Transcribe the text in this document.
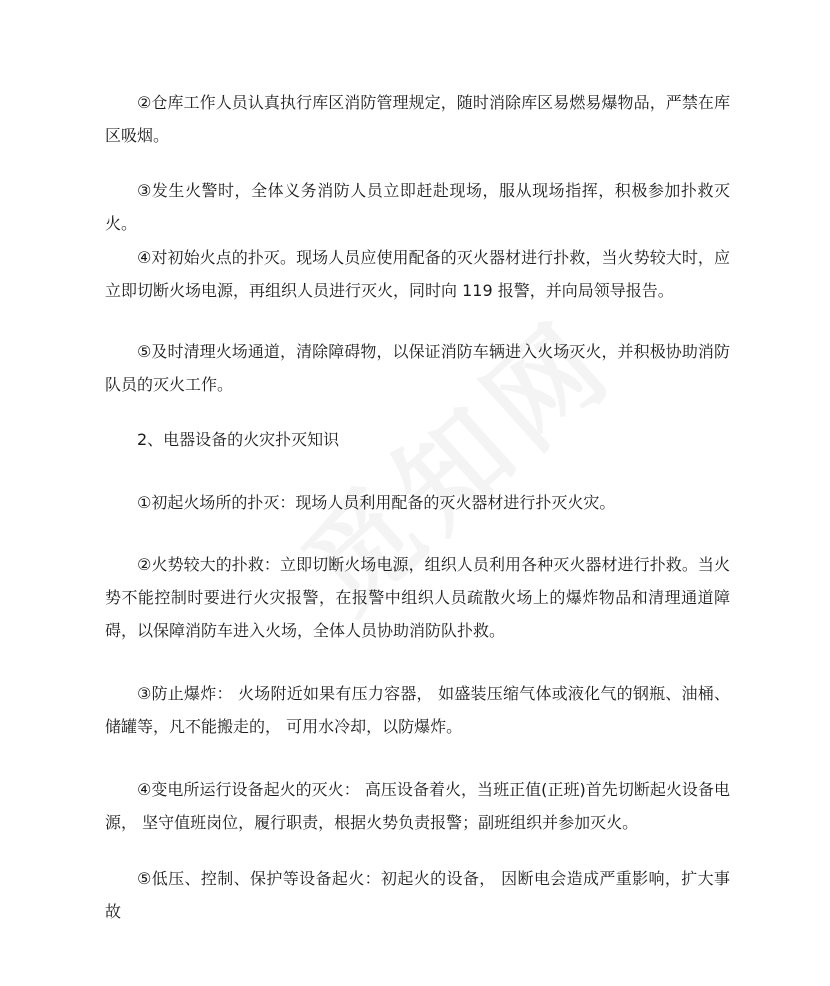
②仓库工作人员认真执行库区消防管理规定，随时消除库区易燃易爆物品，严禁在库区吸烟。

③发生火警时，全体义务消防人员立即赶赴现场，服从现场指挥，积极参加扑救灭火。

④对初始火点的扑灭。现场人员应使用配备的灭火器材进行扑救，当火势较大时，应立即切断火场电源，再组织人员进行灭火，同时向 119 报警，并向局领导报告。

⑤及时清理火场通道，清除障碍物，以保证消防车辆进入火场灭火，并积极协助消防队员的灭火工作。

2、电器设备的火灾扑灭知识

①初起火场所的扑灭：现场人员利用配备的灭火器材进行扑灭火灾。

②火势较大的扑救：立即切断火场电源，组织人员利用各种灭火器材进行扑救。当火势不能控制时要进行火灾报警，在报警中组织人员疏散火场上的爆炸物品和清理通道障碍，以保障消防车进入火场，全体人员协助消防队扑救。

③防止爆炸： 火场附近如果有压力容器， 如盛装压缩气体或液化气的钢瓶、油桶、储罐等，凡不能搬走的， 可用水冷却，以防爆炸。

④变电所运行设备起火的灭火： 高压设备着火，当班正值(正班)首先切断起火设备电源， 坚守值班岗位，履行职责，根据火势负责报警；副班组织并参加灭火。

⑤低压、控制、保护等设备起火：初起火的设备， 因断电会造成严重影响，扩大事故
